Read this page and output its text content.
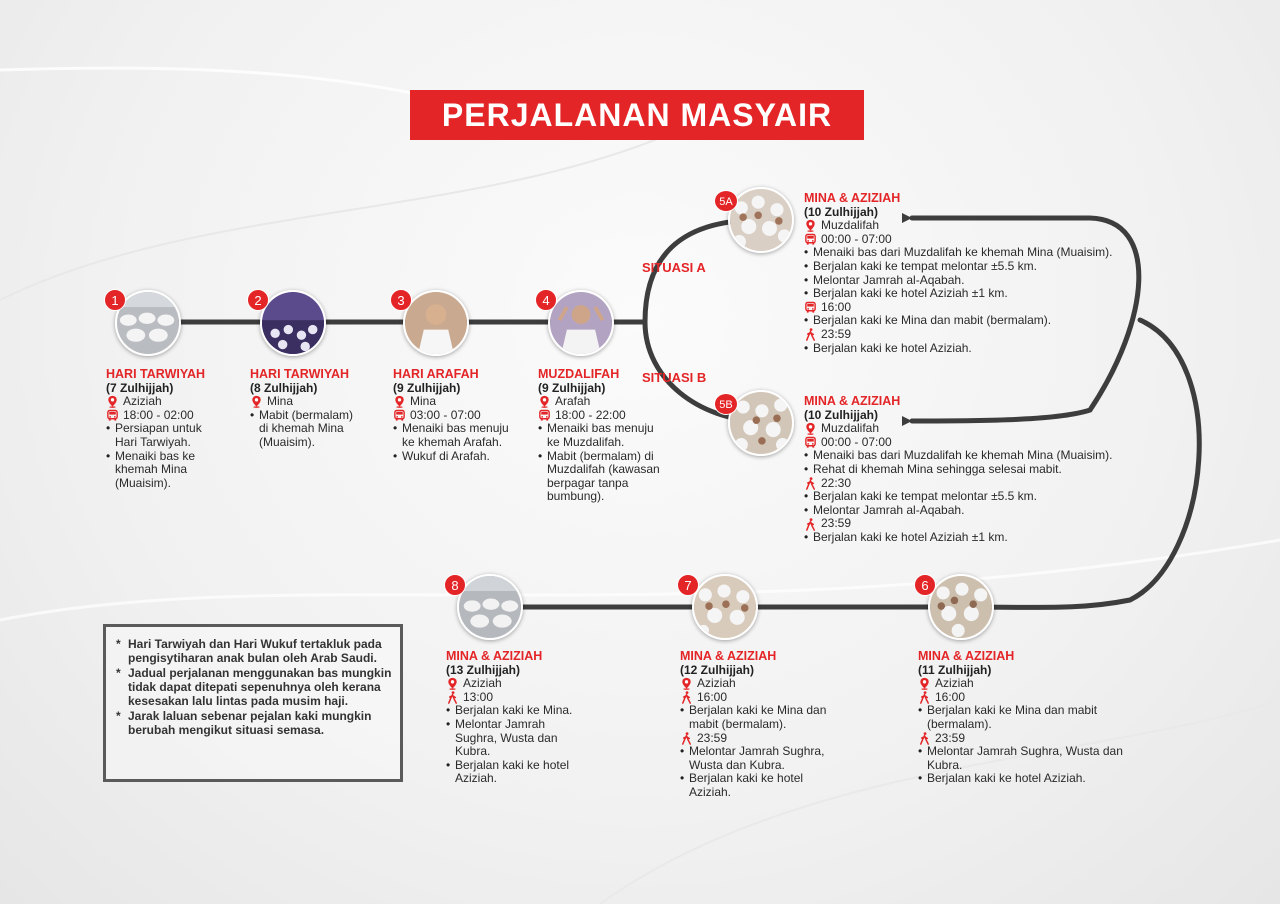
PERJALANAN MASYAIR
SITUASI A
SITUASI B
1
HARI TARWIYAH
(7 Zulhijjah)
Aziziah
18:00 - 02:00
• Persiapan untuk Hari Tarwiyah.
• Menaiki bas ke khemah Mina (Muaisim).
2
HARI TARWIYAH
(8 Zulhijjah)
Mina
• Mabit (bermalam) di khemah Mina (Muaisim).
3
HARI ARAFAH
(9 Zulhijjah)
Mina
03:00 - 07:00
• Menaiki bas menuju ke khemah Arafah.
• Wukuf di Arafah.
4
MUZDALIFAH
(9 Zulhijjah)
Arafah
18:00 - 22:00
• Menaiki bas menuju ke Muzdalifah.
• Mabit (bermalam) di Muzdalifah (kawasan berpagar tanpa bumbung).
5A	MINA & AZIZIAH
(10 Zulhijjah)
Muzdalifah
00:00 - 07:00
• Menaiki bas dari Muzdalifah ke khemah Mina (Muaisim).
• Berjalan kaki ke tempat melontar ±5.5 km.
• Melontar Jamrah al-Aqabah.
• Berjalan kaki ke hotel Aziziah ±1 km.
16:00
• Berjalan kaki ke Mina dan mabit (bermalam).
23:59
• Berjalan kaki ke hotel Aziziah.
5B	MINA & AZIZIAH
(10 Zulhijjah)
Muzdalifah
00:00 - 07:00
• Menaiki bas dari Muzdalifah ke khemah Mina (Muaisim).
• Rehat di khemah Mina sehingga selesai mabit.
22:30
• Berjalan kaki ke tempat melontar ±5.5 km.
• Melontar Jamrah al-Aqabah.
23:59
• Berjalan kaki ke hotel Aziziah ±1 km.
6
MINA & AZIZIAH
(11 Zulhijjah)
Aziziah
16:00
• Berjalan kaki ke Mina dan mabit (bermalam).
23:59
• Melontar Jamrah Sughra, Wusta dan Kubra.
• Berjalan kaki ke hotel Aziziah.
7
MINA & AZIZIAH
(12 Zulhijjah)
Aziziah
16:00
• Berjalan kaki ke Mina dan mabit (bermalam).
23:59
• Melontar Jamrah Sughra, Wusta dan Kubra.
• Berjalan kaki ke hotel Aziziah.
8
MINA & AZIZIAH
(13 Zulhijjah)
Aziziah
13:00
• Berjalan kaki ke Mina.
• Melontar Jamrah Sughra, Wusta dan Kubra.
• Berjalan kaki ke hotel Aziziah.
* Hari Tarwiyah dan Hari Wukuf tertakluk pada pengisytiharan anak bulan oleh Arab Saudi.
* Jadual perjalanan menggunakan bas mungkin tidak dapat ditepati sepenuhnya oleh kerana kesesakan lalu lintas pada musim haji.
* Jarak laluan sebenar pejalan kaki mungkin berubah mengikut situasi semasa.
